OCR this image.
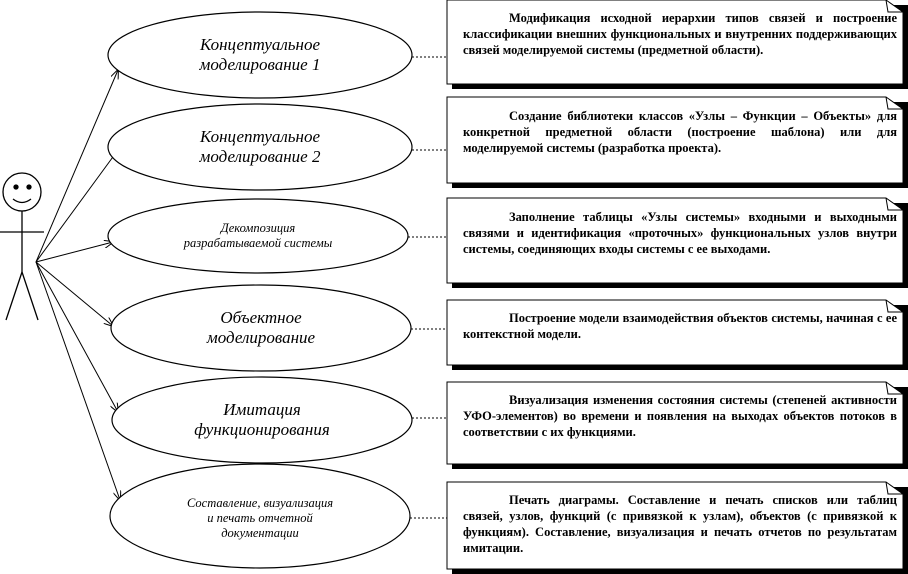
Концептуальное
моделирование 1
Концептуальное
моделирование 2
Декомпозиция
разрабатываемой системы
Объектное
моделирование
Имитация
функционирования
Составление, визуализация
и печать отчетной
документации
Модификация исходной иерархии типов связей и построение классификации внешних функциональных и внутренних поддерживающих связей моделируемой системы (предметной области).
Создание библиотеки классов «Узлы – Функции – Объекты» для конкретной предметной области (построение шаблона) или для моделируемой системы (разработка проекта).
Заполнение таблицы «Узлы системы» входными и выходными связями и идентификация «проточных» функциональных узлов внутри системы, соединяющих входы системы с ее выходами.
Построение модели взаимодействия объектов системы, начиная с ее контекстной модели.
Визуализация изменения состояния системы (степеней активности УФО-элементов) во времени и появления на выходах объектов потоков в соответствии с их функциями.
Печать диаграмы. Составление и печать списков или таблиц связей, узлов, функций (с привязкой к узлам), объектов (с привязкой к функциям). Составление, визуализация и печать отчетов по результатам имитации.
